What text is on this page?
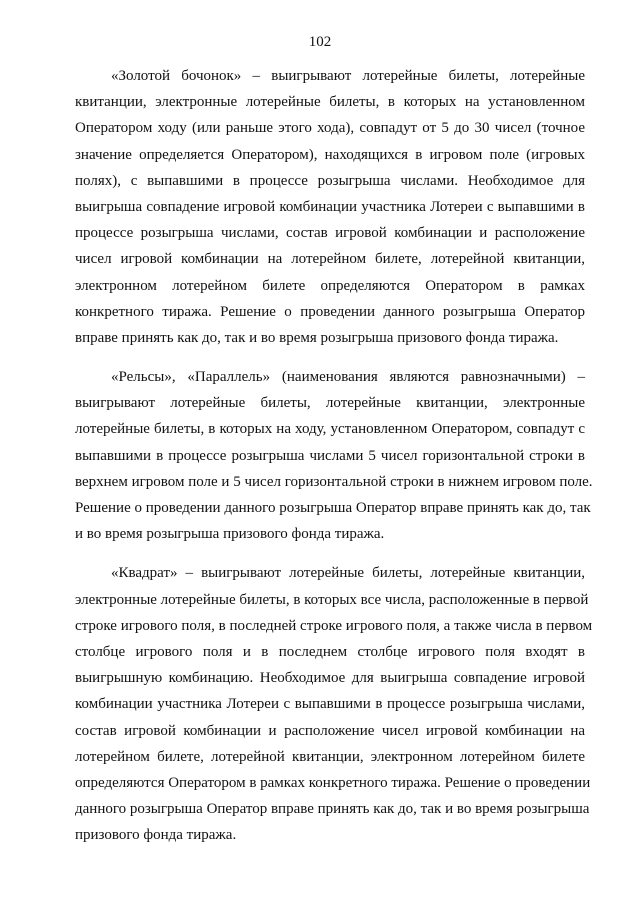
102
«Золотой бочонок» – выигрывают лотерейные билеты, лотерейные
квитанции, электронные лотерейные билеты, в которых на установленном
Оператором ходу (или раньше этого хода), совпадут от 5 до 30 чисел (точное
значение определяется Оператором), находящихся в игровом поле (игровых
полях), с выпавшими в процессе розыгрыша числами. Необходимое для
выигрыша совпадение игровой комбинации участника Лотереи с выпавшими в
процессе розыгрыша числами, состав игровой комбинации и расположение
чисел игровой комбинации на лотерейном билете, лотерейной квитанции,
электронном лотерейном билете определяются Оператором в рамках
конкретного тиража. Решение о проведении данного розыгрыша Оператор
вправе принять как до, так и во время розыгрыша призового фонда тиража.
«Рельсы», «Параллель» (наименования являются равнозначными) –
выигрывают лотерейные билеты, лотерейные квитанции, электронные
лотерейные билеты, в которых на ходу, установленном Оператором, совпадут с
выпавшими в процессе розыгрыша числами 5 чисел горизонтальной строки в
верхнем игровом поле и 5 чисел горизонтальной строки в нижнем игровом поле.
Решение о проведении данного розыгрыша Оператор вправе принять как до, так
и во время розыгрыша призового фонда тиража.
«Квадрат» – выигрывают лотерейные билеты, лотерейные квитанции,
электронные лотерейные билеты, в которых все числа, расположенные в первой
строке игрового поля, в последней строке игрового поля, а также числа в первом
столбце игрового поля и в последнем столбце игрового поля входят в
выигрышную комбинацию. Необходимое для выигрыша совпадение игровой
комбинации участника Лотереи с выпавшими в процессе розыгрыша числами,
состав игровой комбинации и расположение чисел игровой комбинации на
лотерейном билете, лотерейной квитанции, электронном лотерейном билете
определяются Оператором в рамках конкретного тиража. Решение о проведении
данного розыгрыша Оператор вправе принять как до, так и во время розыгрыша
призового фонда тиража.
